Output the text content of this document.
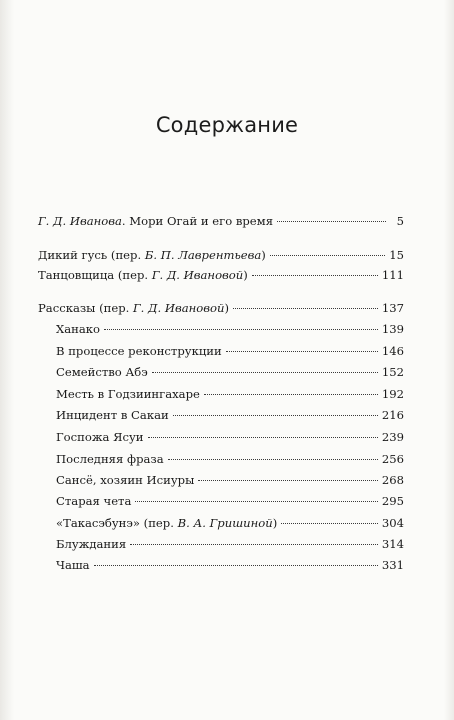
Содержание
Г. Д. Иванова. Мори Огай и его время	5
Дикий гусь (пер. Б. П. Лаврентьева)	15
Танцовщица (пер. Г. Д. Ивановой)	111
Рассказы (пер. Г. Д. Ивановой)	137
Ханако	139
В процессе реконструкции	146
Семейство Абэ	152
Месть в Годзиингахаре	192
Инцидент в Сакаи	216
Госпожа Ясуи	239
Последняя фраза	256
Сансё, хозяин Исиуры	268
Старая чета	295
«Такасэбунэ» (пер. В. А. Гришиной)	304
Блуждания	314
Чаша	331
